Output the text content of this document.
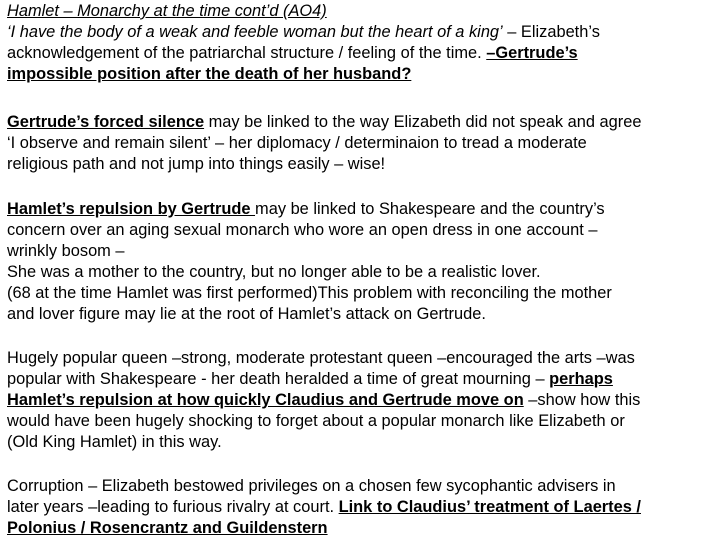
Hamlet – Monarchy at the time cont’d (AO4)
‘I have the body of a weak and feeble woman but the heart of a king’ – Elizabeth’s
acknowledgement of the patriarchal structure / feeling of the time. –Gertrude’s
impossible position after the death of her husband?
Gertrude’s forced silence may be linked to the way Elizabeth did not speak and agree
‘I observe and remain silent’ – her diplomacy / determinaion to tread a moderate
religious path and not jump into things easily – wise!
Hamlet’s repulsion by Gertrude may be linked to Shakespeare and the country’s
concern over an aging sexual monarch who wore an open dress in one account –
wrinkly bosom –
She was a mother to the country, but no longer able to be a realistic lover.
(68 at the time Hamlet was first performed)This problem with reconciling the mother
and lover figure may lie at the root of Hamlet’s attack on Gertrude.
Hugely popular queen –strong, moderate protestant queen –encouraged the arts –was
popular with Shakespeare - her death heralded a time of great mourning – perhaps
Hamlet’s repulsion at how quickly Claudius and Gertrude move on –show how this
would have been hugely shocking to forget about a popular monarch like Elizabeth or
(Old King Hamlet) in this way.
Corruption – Elizabeth bestowed privileges on a chosen few sycophantic advisers in
later years –leading to furious rivalry at court. Link to Claudius’ treatment of Laertes /
Polonius / Rosencrantz and Guildenstern
